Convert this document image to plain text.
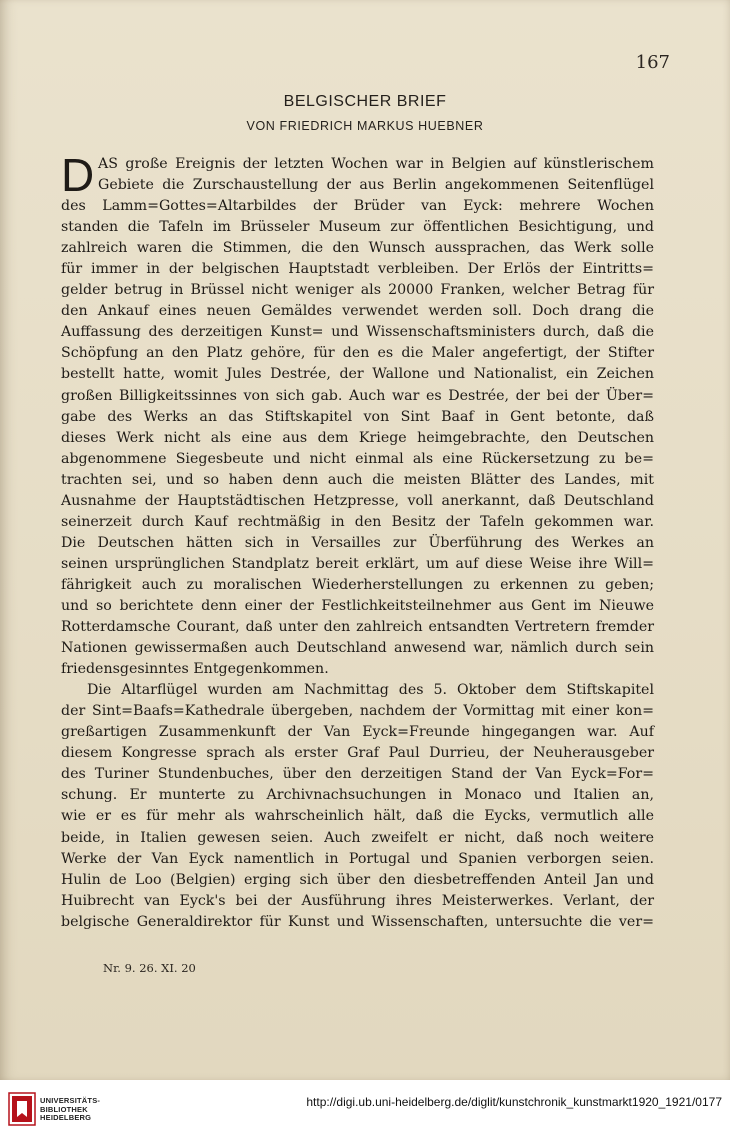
167
BELGISCHER BRIEF
VON FRIEDRICH MARKUS HUEBNER
D AS große Ereignis der letzten Wochen war in Belgien auf künstlerischem
Gebiete die Zurschaustellung der aus Berlin angekommenen Seitenflügel
des Lamm=Gottes=Altarbildes der Brüder van Eyck: mehrere Wochen
standen die Tafeln im Brüsseler Museum zur öffentlichen Besichtigung, und
zahlreich waren die Stimmen, die den Wunsch aussprachen, das Werk solle
für immer in der belgischen Hauptstadt verbleiben. Der Erlös der Eintritts=
gelder betrug in Brüssel nicht weniger als 20000 Franken, welcher Betrag für
den Ankauf eines neuen Gemäldes verwendet werden soll. Doch drang die
Auffassung des derzeitigen Kunst= und Wissenschaftsministers durch, daß die
Schöpfung an den Platz gehöre, für den es die Maler angefertigt, der Stifter
bestellt hatte, womit Jules Destrée, der Wallone und Nationalist, ein Zeichen
großen Billigkeitssinnes von sich gab. Auch war es Destrée, der bei der Über=
gabe des Werks an das Stiftskapitel von Sint Baaf in Gent betonte, daß
dieses Werk nicht als eine aus dem Kriege heimgebrachte, den Deutschen
abgenommene Siegesbeute und nicht einmal als eine Rückersetzung zu be=
trachten sei, und so haben denn auch die meisten Blätter des Landes, mit
Ausnahme der Hauptstädtischen Hetzpresse, voll anerkannt, daß Deutschland
seinerzeit durch Kauf rechtmäßig in den Besitz der Tafeln gekommen war.
Die Deutschen hätten sich in Versailles zur Überführung des Werkes an
seinen ursprünglichen Standplatz bereit erklärt, um auf diese Weise ihre Will=
fährigkeit auch zu moralischen Wiederherstellungen zu erkennen zu geben;
und so berichtete denn einer der Festlichkeitsteilnehmer aus Gent im Nieuwe
Rotterdamsche Courant, daß unter den zahlreich entsandten Vertretern fremder
Nationen gewissermaßen auch Deutschland anwesend war, nämlich durch sein
friedensgesinntes Entgegenkommen.
Die Altarflügel wurden am Nachmittag des 5. Oktober dem Stiftskapitel
der Sint=Baafs=Kathedrale übergeben, nachdem der Vormittag mit einer kon=
greßartigen Zusammenkunft der Van Eyck=Freunde hingegangen war. Auf
diesem Kongresse sprach als erster Graf Paul Durrieu, der Neuherausgeber
des Turiner Stundenbuches, über den derzeitigen Stand der Van Eyck=For=
schung. Er munterte zu Archivnachsuchungen in Monaco und Italien an,
wie er es für mehr als wahrscheinlich hält, daß die Eycks, vermutlich alle
beide, in Italien gewesen seien. Auch zweifelt er nicht, daß noch weitere
Werke der Van Eyck namentlich in Portugal und Spanien verborgen seien.
Hulin de Loo (Belgien) erging sich über den diesbetreffenden Anteil Jan und
Huibrecht van Eyck's bei der Ausführung ihres Meisterwerkes. Verlant, der
belgische Generaldirektor für Kunst und Wissenschaften, untersuchte die ver=
Nr. 9. 26. XI. 20
UNIVERSITÄTS-
BIBLIOTHEK
HEIDELBERG
http://digi.ub.uni-heidelberg.de/diglit/kunstchronik_kunstmarkt1920_1921/0177
